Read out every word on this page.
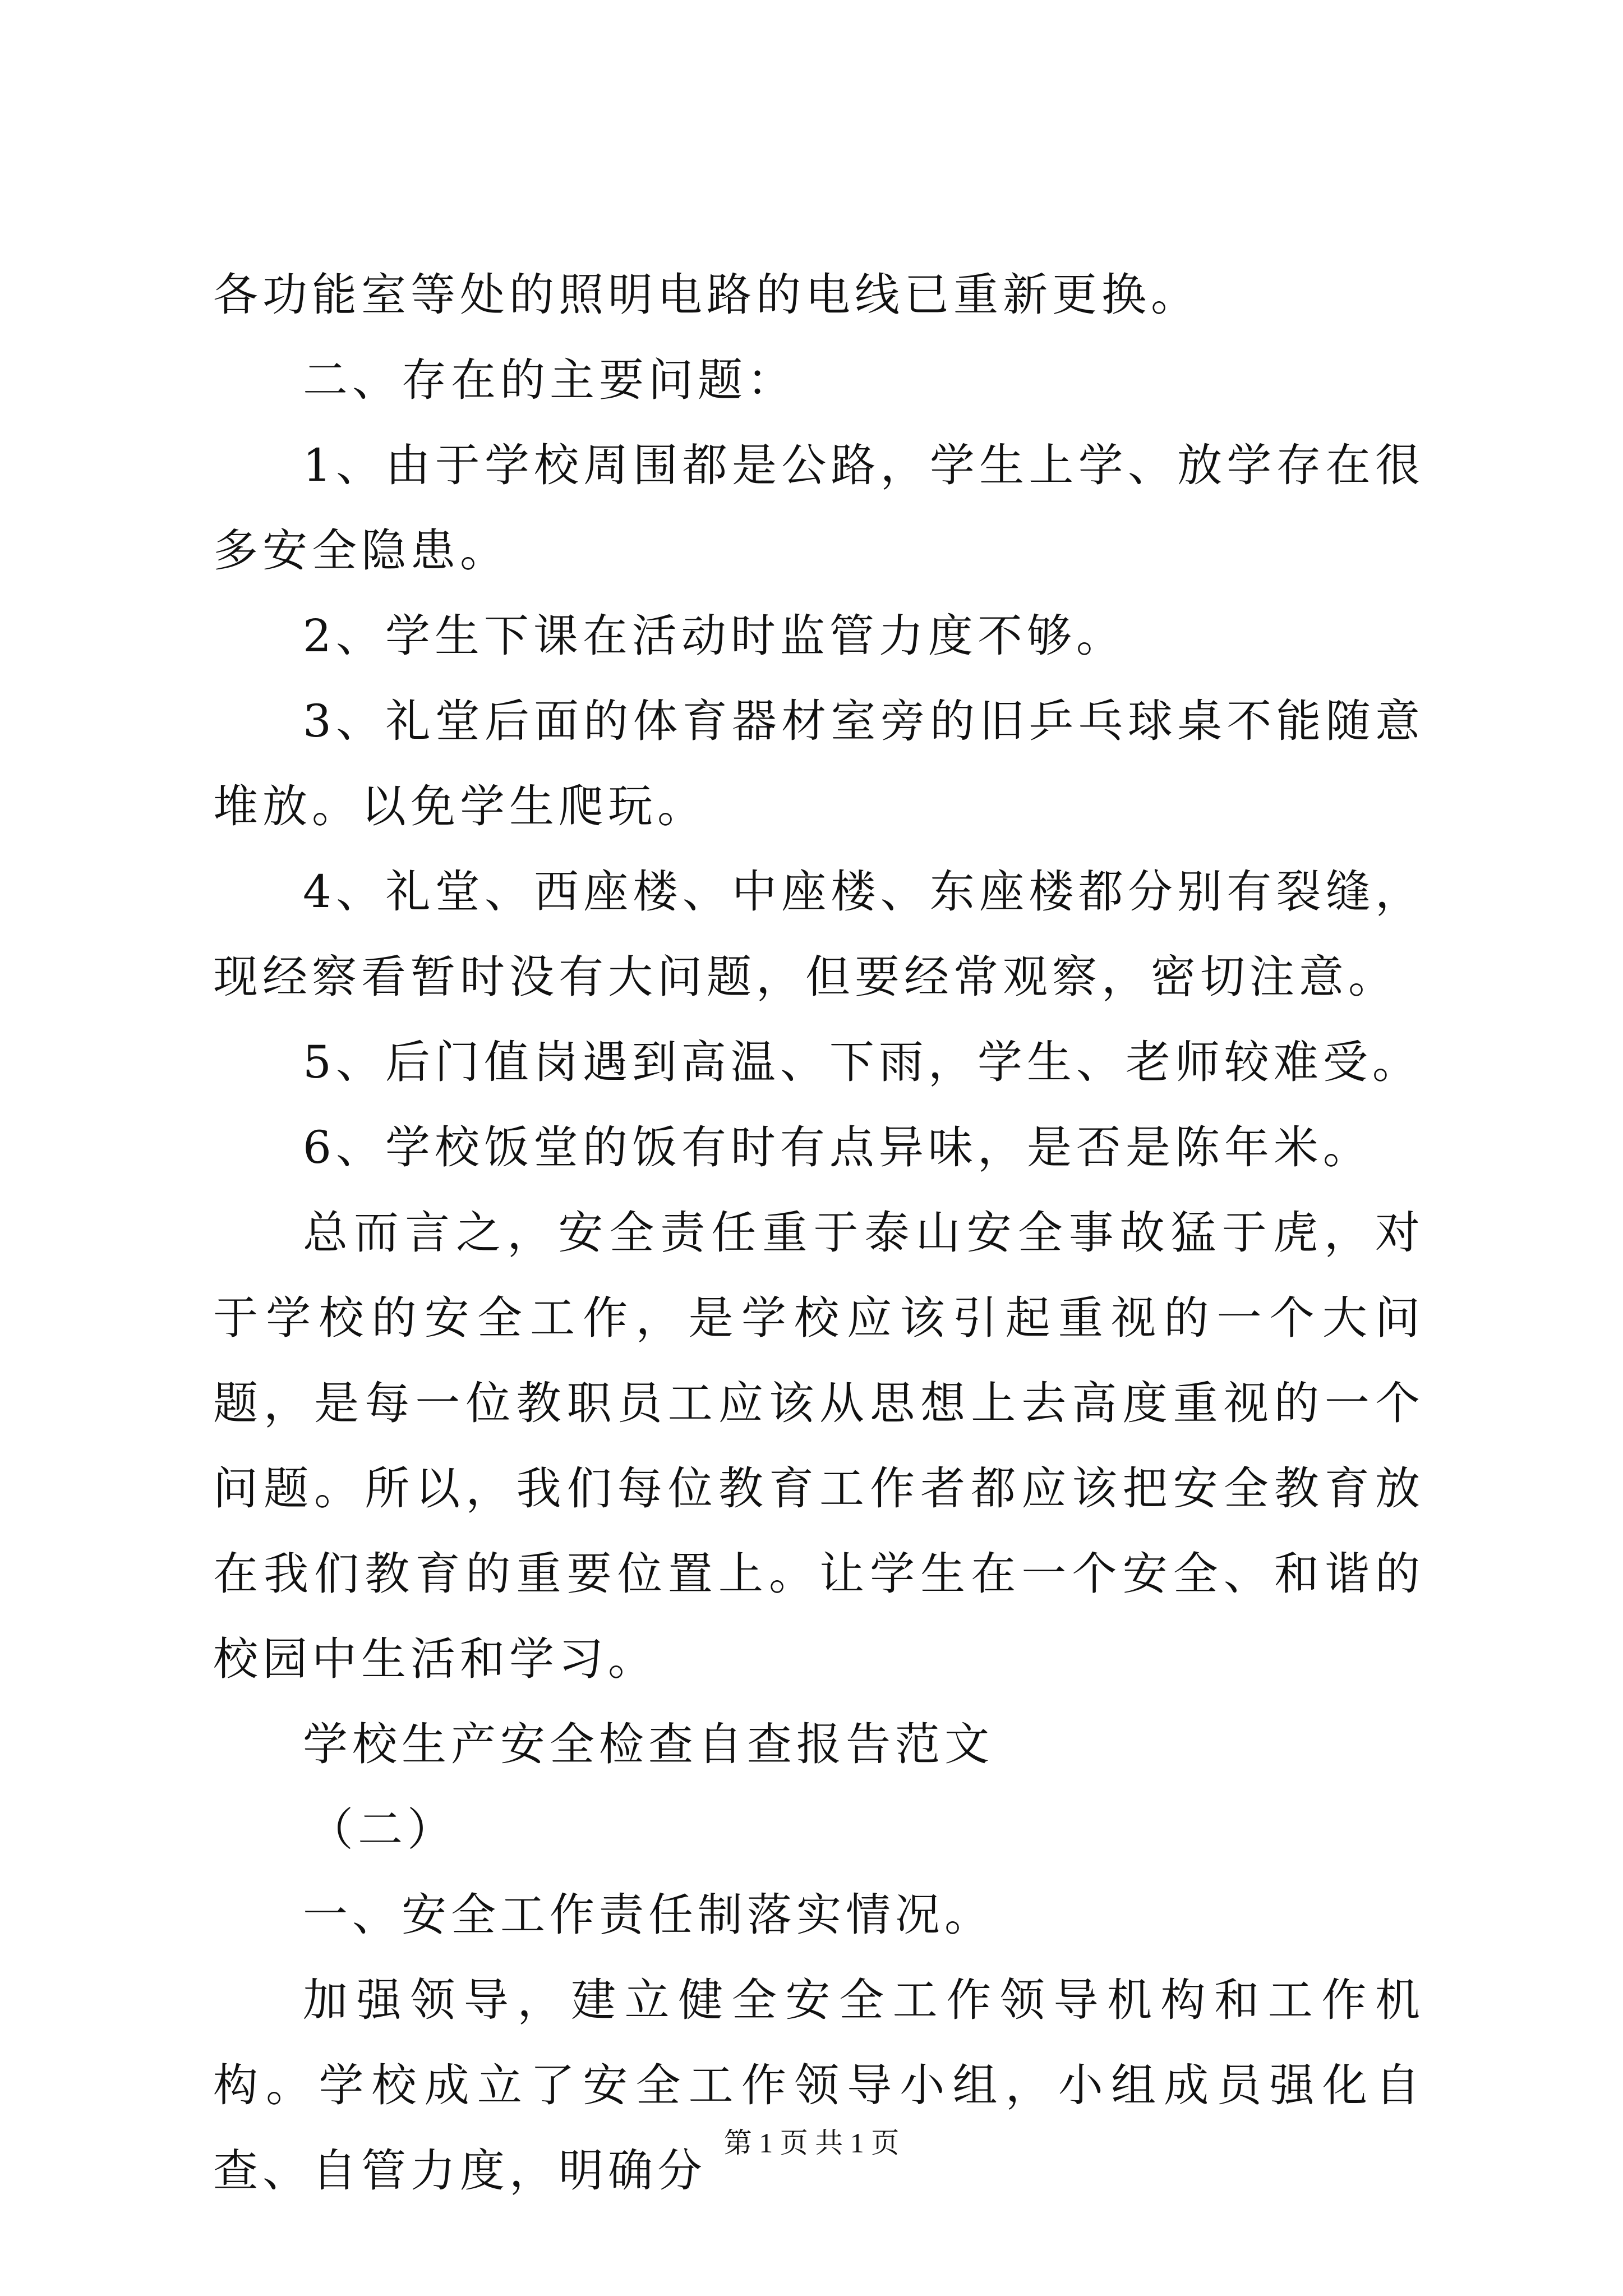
各功能室等处的照明电路的电线已重新更换。

二、存在的主要问题：

1、由于学校周围都是公路，学生上学、放学存在很多安全隐患。

2、学生下课在活动时监管力度不够。

3、礼堂后面的体育器材室旁的旧乒乓球桌不能随意堆放。以免学生爬玩。

4、礼堂、西座楼、中座楼、东座楼都分别有裂缝，现经察看暂时没有大问题，但要经常观察，密切注意。

5、后门值岗遇到高温、下雨，学生、老师较难受。

6、学校饭堂的饭有时有点异味，是否是陈年米。

总而言之，安全责任重于泰山安全事故猛于虎，对于学校的安全工作，是学校应该引起重视的一个大问题，是每一位教职员工应该从思想上去高度重视的一个问题。所以，我们每位教育工作者都应该把安全教育放在我们教育的重要位置上。让学生在一个安全、和谐的校园中生活和学习。

学校生产安全检查自查报告范文

（二）

一、安全工作责任制落实情况。

加强领导，建立健全安全工作领导机构和工作机构。学校成立了安全工作领导小组，小组成员强化自查、自管力度，明确分

第 1 页 共 1 页
